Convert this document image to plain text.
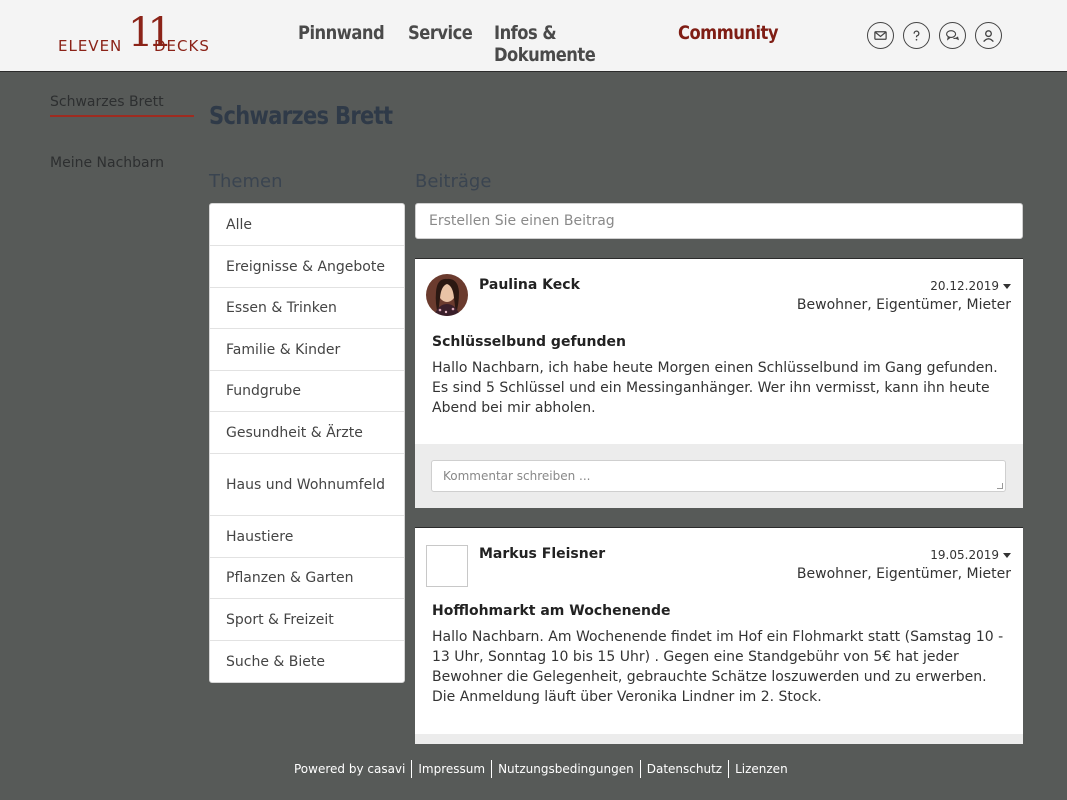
ELEVEN 11
DECKS
Pinnwand	Service	Infos & Dokumente
Community
Schwarzes Brett
Meine Nachbarn
Schwarzes Brett
Themen	Beiträge
Alle
Ereignisse & Angebote
Essen & Trinken
Familie & Kinder
Fundgrube
Gesundheit & Ärzte
Haus und Wohnumfeld
Haustiere
Pflanzen & Garten
Sport & Freizeit
Suche & Biete
Erstellen Sie einen Beitrag
Paulina Keck	20.12.2019
Bewohner, Eigentümer, Mieter
Schlüsselbund gefunden
Hallo Nachbarn, ich habe heute Morgen einen Schlüsselbund im Gang gefunden. Es sind 5 Schlüssel und ein Messinganhänger. Wer ihn vermisst, kann ihn heute Abend bei mir abholen.
Kommentar schreiben ...
Markus Fleisner	19.05.2019
Bewohner, Eigentümer, Mieter
Hofflohmarkt am Wochenende
Hallo Nachbarn. Am Wochenende findet im Hof ein Flohmarkt statt (Samstag 10 - 13 Uhr, Sonntag 10 bis 15 Uhr) . Gegen eine Standgebühr von 5€ hat jeder Bewohner die Gelegenheit, gebrauchte Schätze loszuwerden und zu erwerben. Die Anmeldung läuft über Veronika Lindner im 2. Stock.
Powered by casavi Impressum Nutzungsbedingungen Datenschutz Lizenzen
